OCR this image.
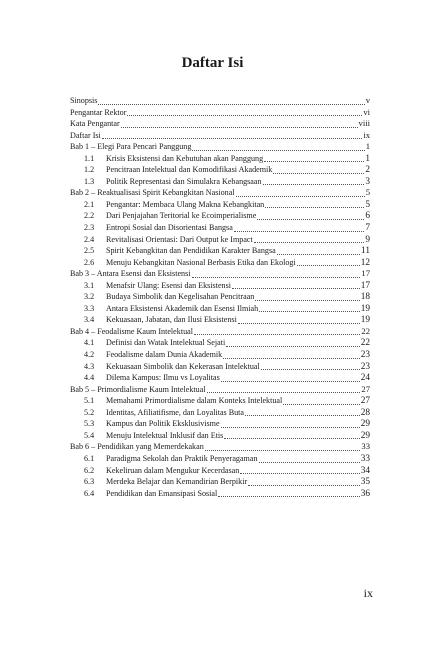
Daftar Isi
Sinopsis	v
Pengantar Rektor	vi
Kata Pengantar	viii
Daftar Isi	ix
Bab 1 – Elegi Para Pencari Panggung	1
1.1	Krisis Eksistensi dan Kebutuhan akan Panggung	1
1.2	Pencitraan Intelektual dan Komodifikasi Akademik	2
1.3	Politik Representasi dan Simulakra Kebangsaan	3
Bab 2 – Reaktualisasi Spirit Kebangkitan Nasional	5
2.1	Pengantar: Membaca Ulang Makna Kebangkitan	5
2.2	Dari Penjajahan Teritorial ke Ecoimperialisme	6
2.3	Entropi Sosial dan Disorientasi Bangsa	7
2.4	Revitalisasi Orientasi: Dari Output ke Impact	9
2.5	Spirit Kebangkitan dan Pendidikan Karakter Bangsa	11
2.6	Menuju Kebangkitan Nasional Berbasis Etika dan Ekologi	12
Bab 3 – Antara Esensi dan Eksistensi	17
3.1	Menafsir Ulang: Esensi dan Eksistensi	17
3.2	Budaya Simbolik dan Kegelisahan Pencitraan	18
3.3	Antara Eksistensi Akademik dan Esensi Ilmiah	19
3.4	Kekuasaan, Jabatan, dan Ilusi Eksistensi	19
Bab 4 – Feodalisme Kaum Intelektual	22
4.1	Definisi dan Watak Intelektual Sejati	22
4.2	Feodalisme dalam Dunia Akademik	23
4.3	Kekuasaan Simbolik dan Kekerasan Intelektual	23
4.4	Dilema Kampus: Ilmu vs Loyalitas	24
Bab 5 – Primordialisme Kaum Intelektual	27
5.1	Memahami Primordialisme dalam Konteks Intelektual	27
5.2	Identitas, Afiliatifisme, dan Loyalitas Buta	28
5.3	Kampus dan Politik Eksklusivisme	29
5.4	Menuju Intelektual Inklusif dan Etis	29
Bab 6 – Pendidikan yang Memerdekakan	33
6.1	Paradigma Sekolah dan Praktik Penyeragaman	33
6.2	Kekeliruan dalam Mengukur Kecerdasan	34
6.3	Merdeka Belajar dan Kemandirian Berpikir	35
6.4	Pendidikan dan Emansipasi Sosial	36
ix
